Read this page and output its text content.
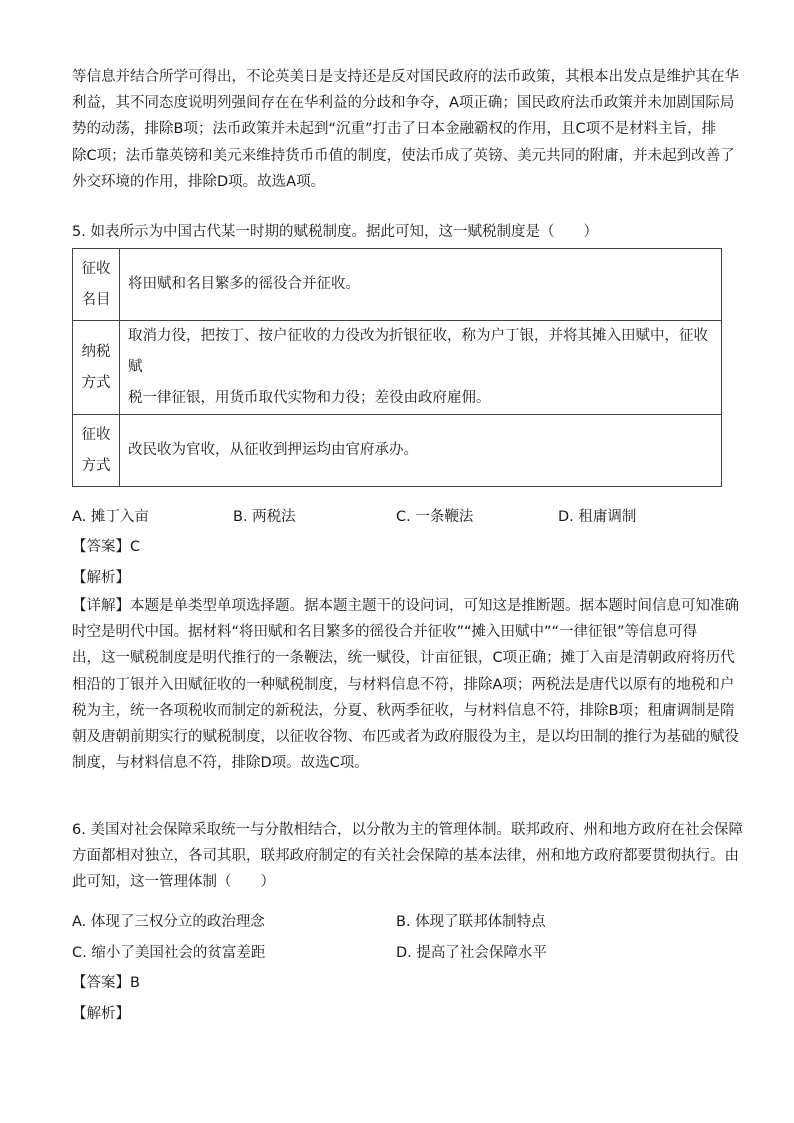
等信息并结合所学可得出，不论英美日是支持还是反对国民政府的法币政策，其根本出发点是维护其在华
利益，其不同态度说明列强间存在在华利益的分歧和争夺，A项正确；国民政府法币政策并未加剧国际局
势的动荡，排除B项；法币政策并未起到“沉重”打击了日本金融霸权的作用，且C项不是材料主旨，排
除C项；法币靠英镑和美元来维持货币币值的制度，使法币成了英镑、美元共同的附庸，并未起到改善了
外交环境的作用，排除D项。故选A项。

5. 如表所示为中国古代某一时期的赋税制度。据此可知，这一赋税制度是（　　）
征收
名目	将田赋和名目繁多的徭役合并征收。

纳税
方式	取消力役，把按丁、按户征收的力役改为折银征收，称为户丁银，并将其摊入田赋中，征收赋
税一律征银，用货币取代实物和力役；差役由政府雇佣。

征收
方式	改民收为官收，从征收到押运均由官府承办。
A. 摊丁入亩	B. 两税法	C. 一条鞭法	D. 租庸调制
【答案】C
【解析】

【详解】本题是单类型单项选择题。据本题主题干的设问词，可知这是推断题。据本题时间信息可知准确
时空是明代中国。据材料“将田赋和名目繁多的徭役合并征收”“摊入田赋中”“一律征银”等信息可得
出，这一赋税制度是明代推行的一条鞭法，统一赋役，计亩征银，C项正确；摊丁入亩是清朝政府将历代
相沿的丁银并入田赋征收的一种赋税制度，与材料信息不符，排除A项；两税法是唐代以原有的地税和户
税为主，统一各项税收而制定的新税法，分夏、秋两季征收，与材料信息不符，排除B项；租庸调制是隋
朝及唐朝前期实行的赋税制度，以征收谷物、布匹或者为政府服役为主，是以均田制的推行为基础的赋役
制度，与材料信息不符，排除D项。故选C项。

6. 美国对社会保障采取统一与分散相结合，以分散为主的管理体制。联邦政府、州和地方政府在社会保障
方面都相对独立，各司其职，联邦政府制定的有关社会保障的基本法律，州和地方政府都要贯彻执行。由
此可知，这一管理体制（　　）

A. 体现了三权分立的政治理念	B. 体现了联邦体制特点
C. 缩小了美国社会的贫富差距	D. 提高了社会保障水平
【答案】B
【解析】
